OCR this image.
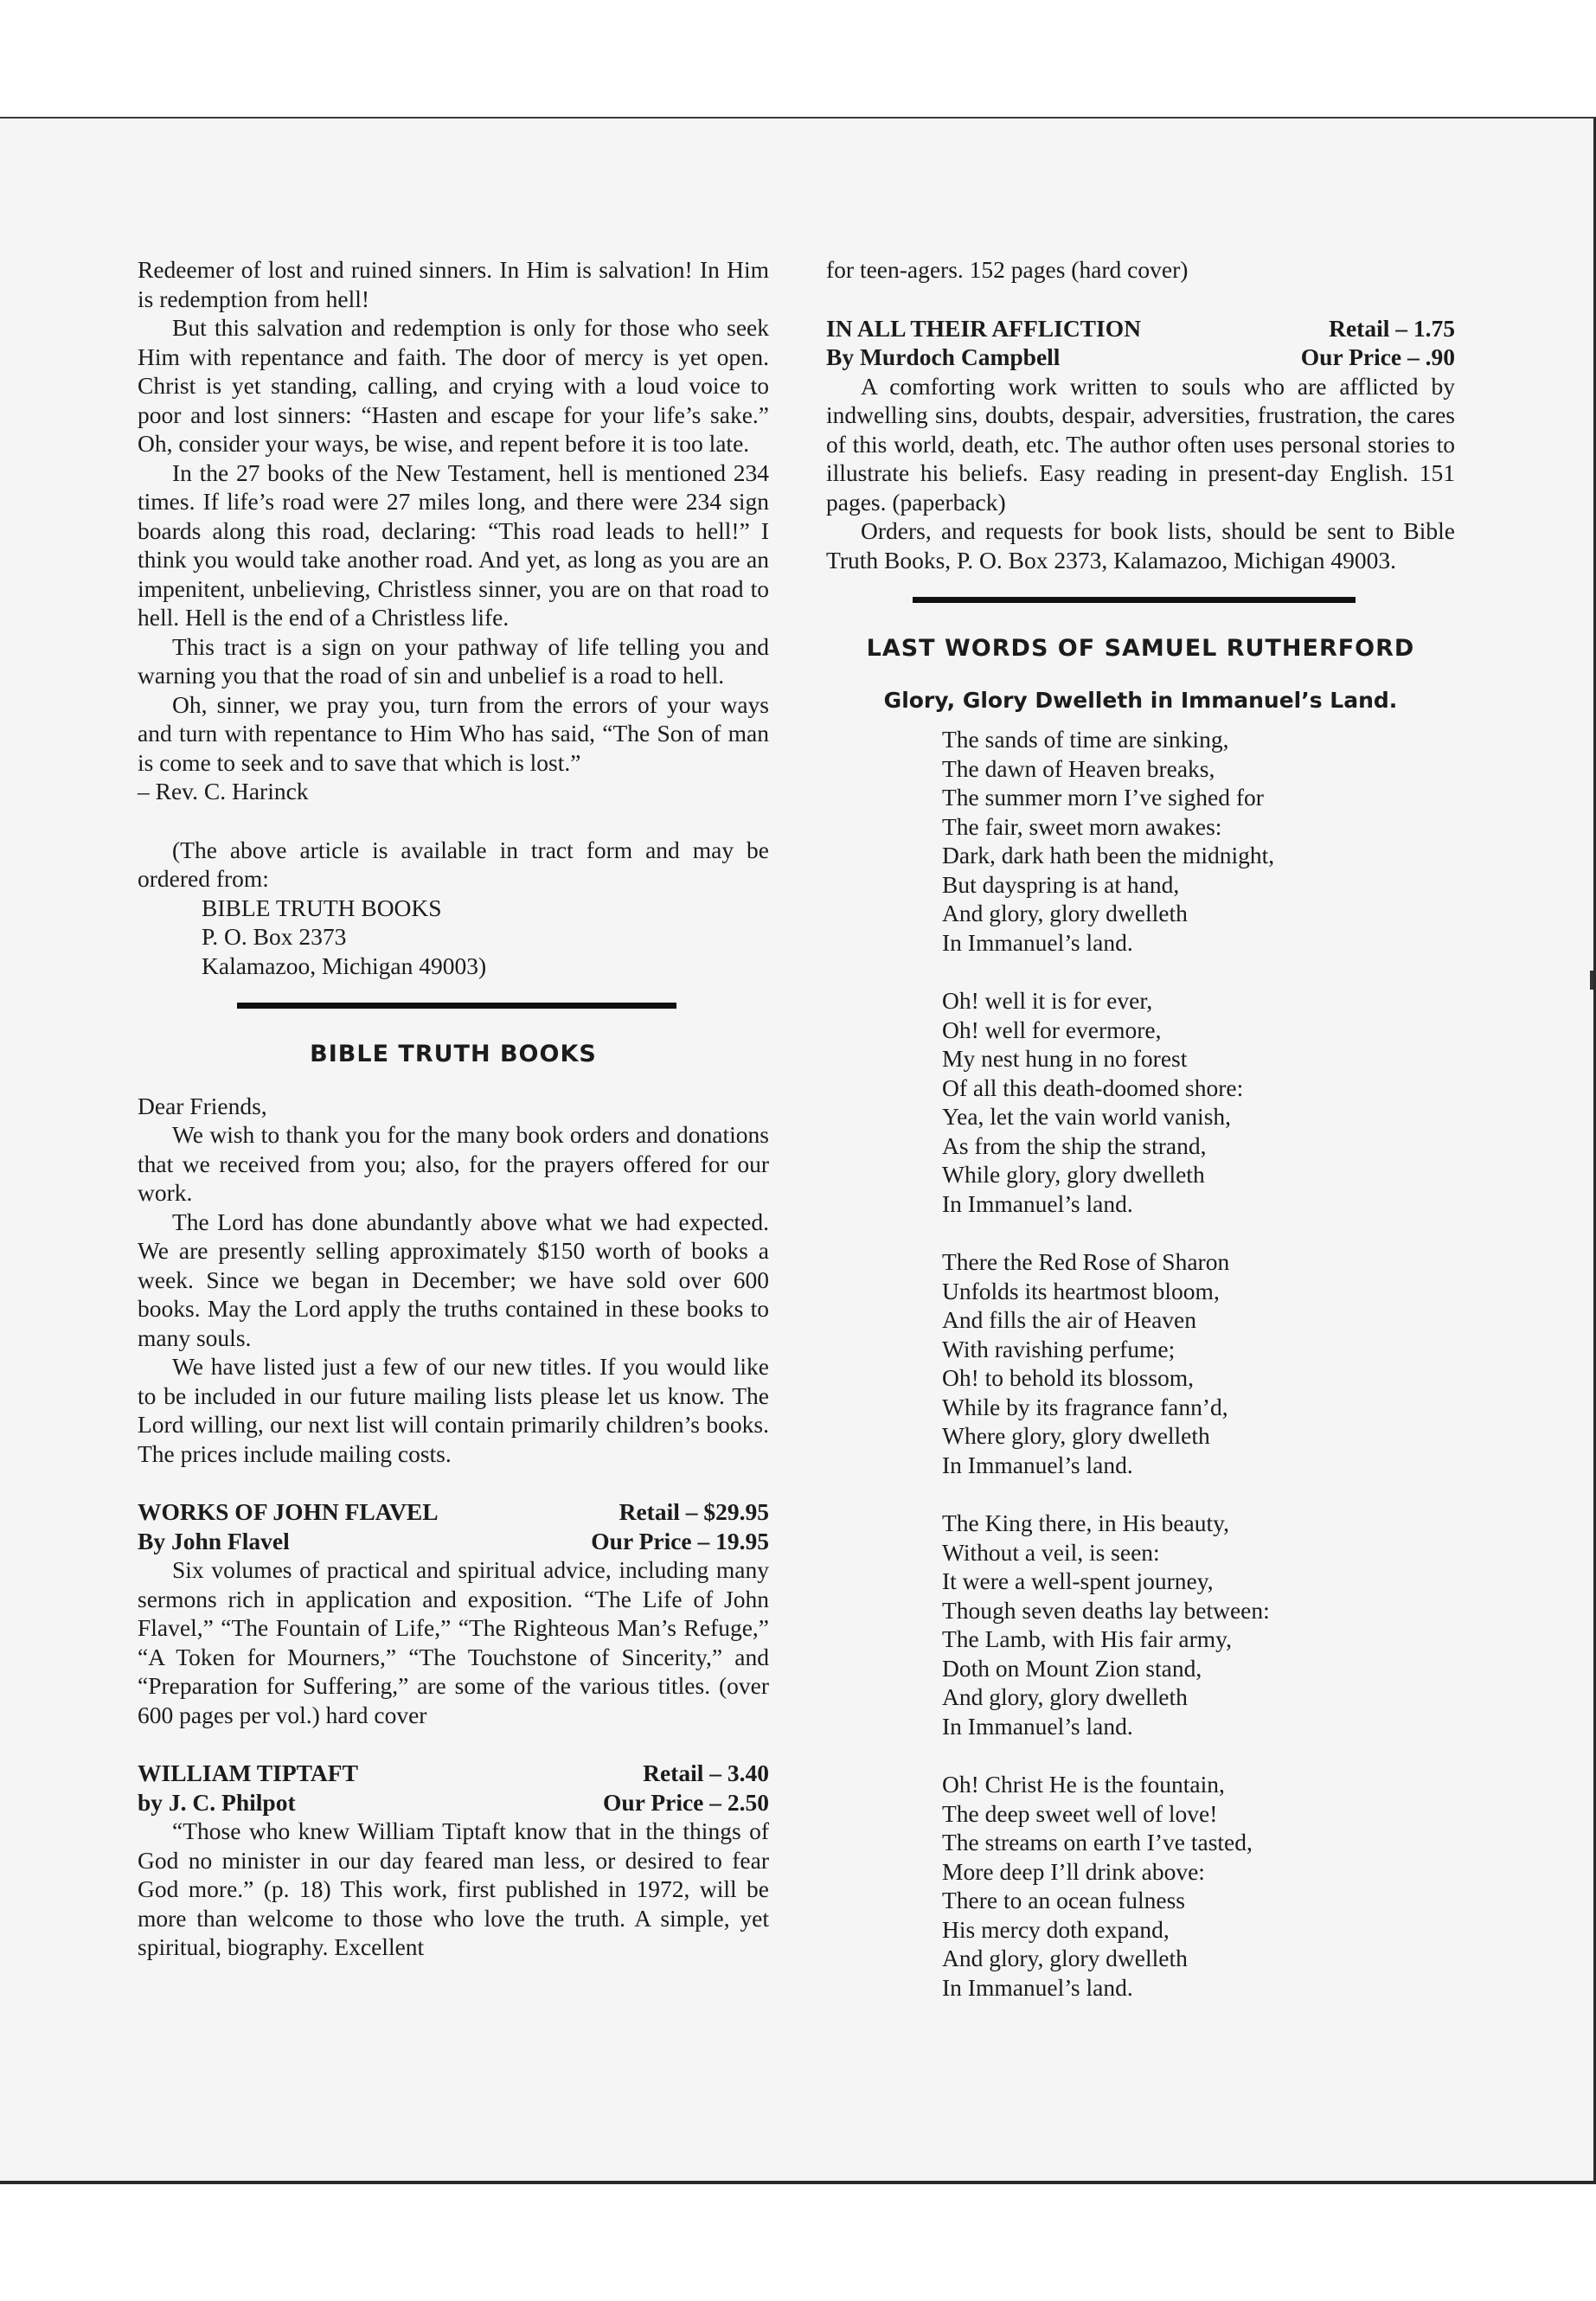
Redeemer of lost and ruined sinners. In Him is salvation! In Him is redemption from hell!

But this salvation and redemption is only for those who seek Him with repentance and faith. The door of mercy is yet open. Christ is yet standing, calling, and crying with a loud voice to poor and lost sinners: “Hasten and escape for your life’s sake.” Oh, consider your ways, be wise, and repent before it is too late.

In the 27 books of the New Testament, hell is mentioned 234 times. If life’s road were 27 miles long, and there were 234 sign boards along this road, declaring: “This road leads to hell!” I think you would take another road. And yet, as long as you are an impenitent, unbelieving, Christless sinner, you are on that road to hell. Hell is the end of a Christless life.

This tract is a sign on your pathway of life telling you and warning you that the road of sin and unbelief is a road to hell.

Oh, sinner, we pray you, turn from the errors of your ways and turn with repentance to Him Who has said, “The Son of man is come to seek and to save that which is lost.”

– Rev. C. Harinck

(The above article is available in tract form and may be ordered from:

BIBLE TRUTH BOOKS
P. O. Box 2373
Kalamazoo, Michigan 49003)
BIBLE TRUTH BOOKS

Dear Friends,

We wish to thank you for the many book orders and donations that we received from you; also, for the prayers offered for our work.

The Lord has done abundantly above what we had expected. We are presently selling approximately $150 worth of books a week. Since we began in December; we have sold over 600 books. May the Lord apply the truths contained in these books to many souls.

We have listed just a few of our new titles. If you would like to be included in our future mailing lists please let us know. The Lord willing, our next list will contain primarily children’s books. The prices include mailing costs.

WORKS OF JOHN FLAVEL	Retail – $29.95
By John Flavel	Our Price – 19.95

Six volumes of practical and spiritual advice, including many sermons rich in application and exposition. “The Life of John Flavel,” “The Fountain of Life,” “The Righteous Man’s Refuge,” “A Token for Mourners,” “The Touchstone of Sincerity,” and “Preparation for Suffering,” are some of the various titles. (over 600 pages per vol.) hard cover

WILLIAM TIPTAFT	Retail – 3.40
by J. C. Philpot	Our Price – 2.50

“Those who knew William Tiptaft know that in the things of God no minister in our day feared man less, or desired to fear God more.” (p. 18) This work, first published in 1972, will be more than welcome to those who love the truth. A simple, yet spiritual, biography. Excellent

for teen-agers. 152 pages (hard cover)

IN ALL THEIR AFFLICTION	Retail – 1.75
By Murdoch Campbell	Our Price – .90

A comforting work written to souls who are afflicted by indwelling sins, doubts, despair, adversities, frustration, the cares of this world, death, etc. The author often uses personal stories to illustrate his beliefs. Easy reading in present-day English. 151 pages. (paperback)

Orders, and requests for book lists, should be sent to Bible Truth Books, P. O. Box 2373, Kalamazoo, Michigan 49003.

LAST WORDS OF SAMUEL RUTHERFORD
Glory, Glory Dwelleth in Immanuel’s Land.
The sands of time are sinking,
The dawn of Heaven breaks,
The summer morn I’ve sighed for
The fair, sweet morn awakes:
Dark, dark hath been the midnight,
But dayspring is at hand,
And glory, glory dwelleth
In Immanuel’s land.
Oh! well it is for ever,
Oh! well for evermore,
My nest hung in no forest
Of all this death-doomed shore:
Yea, let the vain world vanish,
As from the ship the strand,
While glory, glory dwelleth
In Immanuel’s land.
There the Red Rose of Sharon
Unfolds its heartmost bloom,
And fills the air of Heaven
With ravishing perfume;
Oh! to behold its blossom,
While by its fragrance fann’d,
Where glory, glory dwelleth
In Immanuel’s land.
The King there, in His beauty,
Without a veil, is seen:
It were a well-spent journey,
Though seven deaths lay between:
The Lamb, with His fair army,
Doth on Mount Zion stand,
And glory, glory dwelleth
In Immanuel’s land.
Oh! Christ He is the fountain,
The deep sweet well of love!
The streams on earth I’ve tasted,
More deep I’ll drink above:
There to an ocean fulness
His mercy doth expand,
And glory, glory dwelleth
In Immanuel’s land.
